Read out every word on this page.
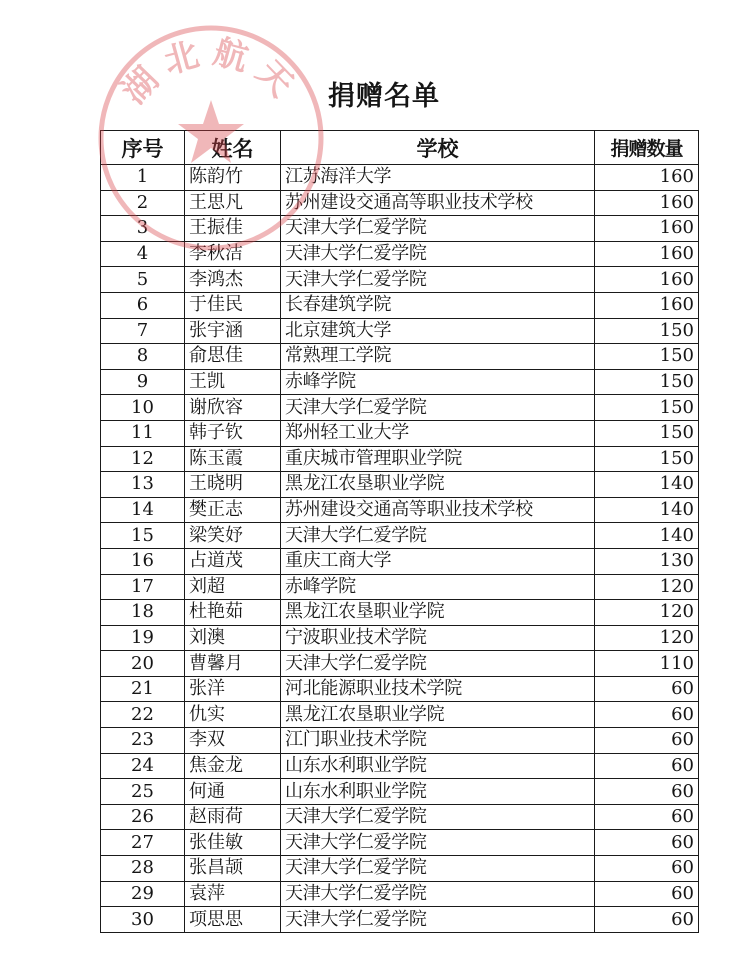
湖北航天 捐赠名单
序号	姓名	学校	捐赠数量
1	陈韵竹	江苏海洋大学	160
2	王思凡	苏州建设交通高等职业技术学校	160
3	王振佳	天津大学仁爱学院	160
4	李秋洁	天津大学仁爱学院	160
5	李鸿杰	天津大学仁爱学院	160
6	于佳民	长春建筑学院	160
7	张宇涵	北京建筑大学	150
8	俞思佳	常熟理工学院	150
9	王凯	赤峰学院	150
10	谢欣容	天津大学仁爱学院	150
11	韩子钦	郑州轻工业大学	150
12	陈玉霞	重庆城市管理职业学院	150
13	王晓明	黑龙江农垦职业学院	140
14	樊正志	苏州建设交通高等职业技术学校	140
15	梁笑妤	天津大学仁爱学院	140
16	占道茂	重庆工商大学	130
17	刘超	赤峰学院	120
18	杜艳茹	黑龙江农垦职业学院	120
19	刘澳	宁波职业技术学院	120
20	曹馨月	天津大学仁爱学院	110
21	张洋	河北能源职业技术学院	60
22	仇实	黑龙江农垦职业学院	60
23	李双	江门职业技术学院	60
24	焦金龙	山东水利职业学院	60
25	何通	山东水利职业学院	60
26	赵雨荷	天津大学仁爱学院	60
27	张佳敏	天津大学仁爱学院	60
28	张昌颉	天津大学仁爱学院	60
29	袁萍	天津大学仁爱学院	60
30	项思思	天津大学仁爱学院	60
